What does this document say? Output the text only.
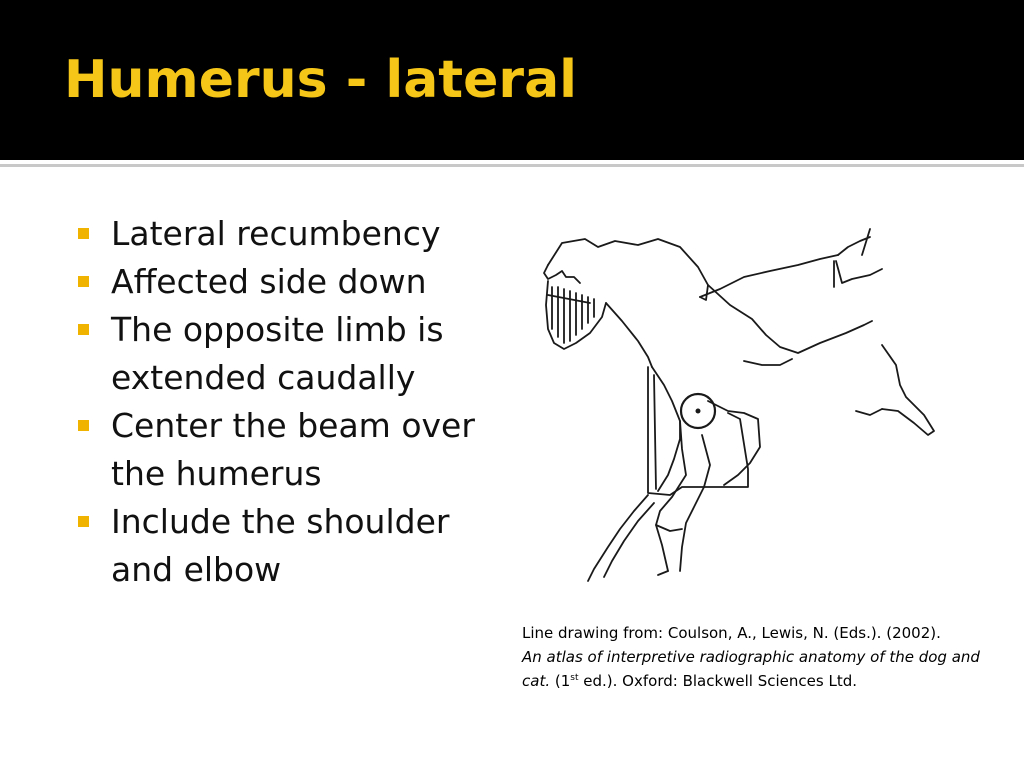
Humerus - lateral
Lateral recumbency
Affected side down
The opposite limb is extended caudally
Center the beam over the humerus
Include the shoulder and elbow
Line drawing from: Coulson, A., Lewis, N. (Eds.). (2002).
An atlas of interpretive radiographic anatomy of the dog and cat. (1st ed.). Oxford: Blackwell Sciences Ltd.
